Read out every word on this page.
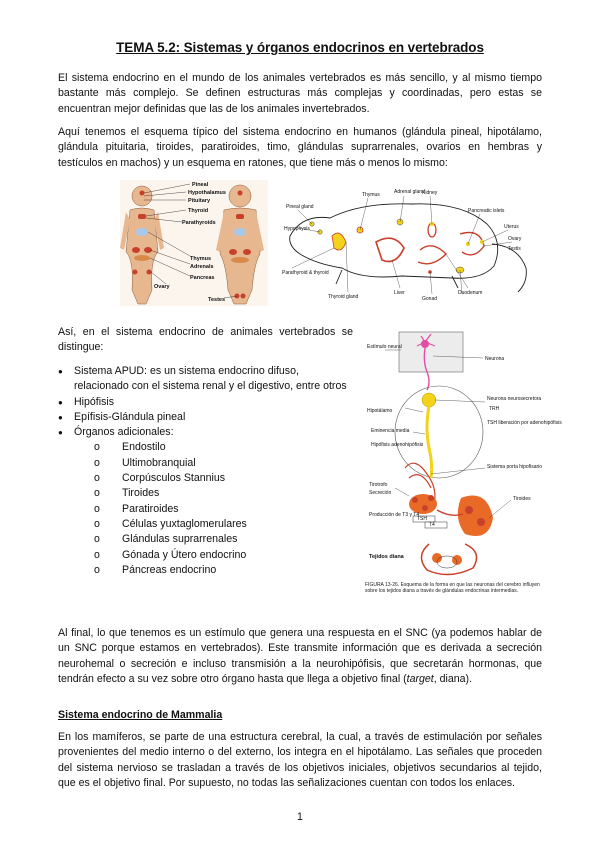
TEMA 5.2: Sistemas y órganos endocrinos en vertebrados

El sistema endocrino en el mundo de los animales vertebrados es más sencillo, y al mismo tiempo bastante más complejo. Se definen estructuras más complejas y coordinadas, pero estas se encuentran mejor definidas que las de los animales invertebrados.

Aquí tenemos el esquema típico del sistema endocrino en humanos (glándula pineal, hipotálamo, glándula pituitaria, tiroides, paratiroides, timo, glándulas suprarrenales, ovarios en hembras y testículos en machos) y un esquema en ratones, que tiene más o menos lo mismo:

Pineal
Hypothalamus
Pituitary
Thyroid
Parathyroids
Thymus
Adrenals
Pancreas
Ovary
Testes
Pineal gland
Hypophysis
Thymus	Adrenal gland
Kidney
Pancreatic islets
Uterus
Ovary
Testis
Parathyroid & thyroid
Thyroid gland
Liver
Gonad
Duodenum

Así, en el sistema endocrino de animales vertebrados se distingue:

● Sistema APUD: es un sistema endocrino difuso, relacionado con el sistema renal y el digestivo, entre otros
● Hipófisis
● Epífisis-Glándula pineal
● Órganos adicionales:
o Endostilo
o Ultimobranquial
o Corpúsculos Stannius
o Tiroides
o Paratiroides
o Células yuxtaglomerulares
o Glándulas suprarrenales
o Gónada y Útero endocrino
o Páncreas endocrino
Estímulo neural
Neurona
Hipotálamo
Neurona neurosecretora
TRH
TSH liberación por adenohipófisis
Eminencia media
Hipófisis adenohipófisis
Sistema porta hipofisario
Tirotrofo
Secreción
TSH
Tiroides
Producción de T3 y T4
T4
Tejidos diana
FIGURA 13-26. Esquema de la forma en que las neuronas del cerebro influyen sobre los tejidos diana a través de glándulas endocrinas intermedias.

Al final, lo que tenemos es un estímulo que genera una respuesta en el SNC (ya podemos hablar de un SNC porque estamos en vertebrados). Este transmite información que es derivada a secreción neurohemal o secreción e incluso transmisión a la neurohipófisis, que secretarán hormonas, que tendrán efecto a su vez sobre otro órgano hasta que llega a objetivo final (target, diana).

Sistema endocrino de Mammalia

En los mamíferos, se parte de una estructura cerebral, la cual, a través de estimulación por señales provenientes del medio interno o del externo, los integra en el hipotálamo. Las señales que proceden del sistema nervioso se trasladan a través de los objetivos iniciales, objetivos secundarios al tejido, que es el objetivo final. Por supuesto, no todas las señalizaciones cuentan con todos los enlaces.

1
